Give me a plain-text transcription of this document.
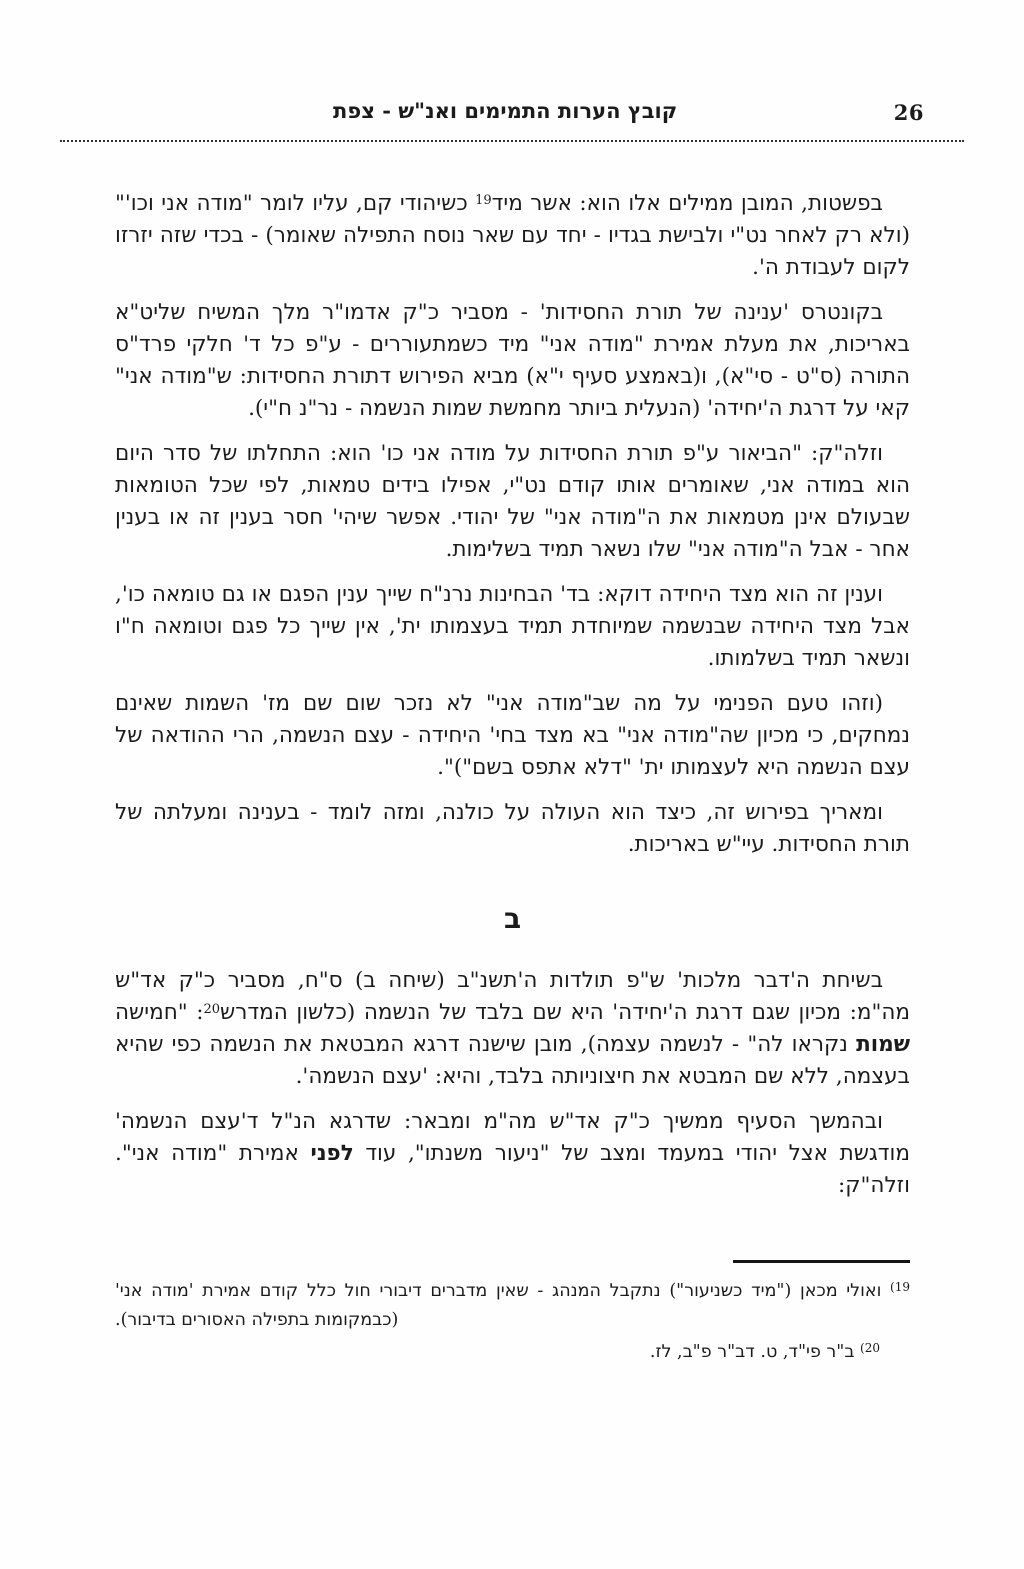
26
קובץ הערות התמימים ואנ"ש - צפת

בפשטות, המובן ממילים אלו הוא: אשר מיד$^{19}$ כשיהודי קם, עליו לומר "מודה אני וכו'" (ולא רק לאחר נט"י ולבישת בגדיו - יחד עם שאר נוסח התפילה שאומר) - בכדי שזה יזרזו לקום לעבודת ה'.

בקונטרס 'ענינה של תורת החסידות' - מסביר כ"ק אדמו"ר מלך המשיח שליט"א באריכות, את מעלת אמירת "מודה אני" מיד כשמתעוררים - ע"פ כל ד' חלקי פרד"ס התורה (ס"ט - סי"א), ו(באמצע סעיף י"א) מביא הפירוש דתורת החסידות: ש"מודה אני" קאי על דרגת ה'יחידה' (הנעלית ביותר מחמשת שמות הנשמה - נר"נ ח"י).

וזלה"ק: "הביאור ע"פ תורת החסידות על מודה אני כו' הוא: התחלתו של סדר היום הוא במודה אני, שאומרים אותו קודם נט"י, אפילו בידים טמאות, לפי שכל הטומאות שבעולם אינן מטמאות את ה"מודה אני" של יהודי. אפשר שיהי' חסר בענין זה או בענין אחר - אבל ה"מודה אני" שלו נשאר תמיד בשלימות.

וענין זה הוא מצד היחידה דוקא: בד' הבחינות נרנ"ח שייך ענין הפגם או גם טומאה כו', אבל מצד היחידה שבנשמה שמיוחדת תמיד בעצמותו ית', אין שייך כל פגם וטומאה ח"ו ונשאר תמיד בשלמותו.

(וזהו טעם הפנימי על מה שב"מודה אני" לא נזכר שום שם מז' השמות שאינם נמחקים, כי מכיון שה"מודה אני" בא מצד בחי' היחידה - עצם הנשמה, הרי ההודאה של עצם הנשמה היא לעצמותו ית' "דלא אתפס בשם")".

ומאריך בפירוש זה, כיצד הוא העולה על כולנה, ומזה לומד - בענינה ומעלתה של תורת החסידות. עיי"ש באריכות.

ב

בשיחת ה'דבר מלכות' ש"פ תולדות ה'תשנ"ב (שיחה ב) ס"ח, מסביר כ"ק אד"ש מה"מ: מכיון שגם דרגת ה'יחידה' היא שם בלבד של הנשמה (כלשון המדרש$^{20}$: "חמישה שמות נקראו לה" - לנשמה עצמה), מובן שישנה דרגא המבטאת את הנשמה כפי שהיא בעצמה, ללא שם המבטא את חיצוניותה בלבד, והיא: 'עצם הנשמה'.

ובהמשך הסעיף ממשיך כ"ק אד"ש מה"מ ומבאר: שדרגא הנ"ל ד'עצם הנשמה' מודגשת אצל יהודי במעמד ומצב של "ניעור משנתו", עוד לפני אמירת "מודה אני". וזלה"ק:

$^{(19}$ ואולי מכאן ("מיד כשניעור") נתקבל המנהג - שאין מדברים דיבורי חול כלל קודם אמירת 'מודה אני' (כבמקומות בתפילה האסורים בדיבור).

$^{(20}$ ב"ר פי"ד, ט. דב"ר פ"ב, לז.
